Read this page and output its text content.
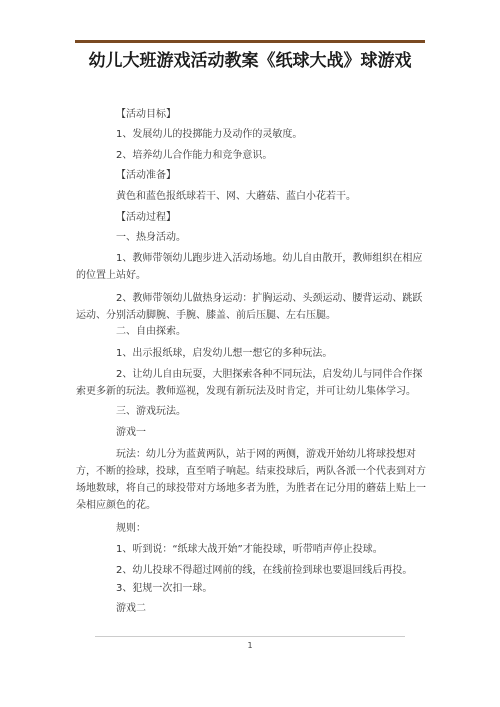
幼儿大班游戏活动教案《纸球大战》球游戏

【活动目标】

1、发展幼儿的投掷能力及动作的灵敏度。

2、培养幼儿合作能力和竞争意识。

【活动准备】

黄色和蓝色报纸球若干、网、大蘑菇、蓝白小花若干。

【活动过程】

一、热身活动。

1、教师带领幼儿跑步进入活动场地。幼儿自由散开，教师组织在相应的位置上站好。

2、教师带领幼儿做热身运动：扩胸运动、头颈运动、腰背运动、跳跃运动、分别活动脚腕、手腕、膝盖、前后压腿、左右压腿。

二、自由探索。

1、出示报纸球，启发幼儿想一想它的多种玩法。

2、让幼儿自由玩耍，大胆探索各种不同玩法，启发幼儿与同伴合作探索更多新的玩法。教师巡视，发现有新玩法及时肯定，并可让幼儿集体学习。

三、游戏玩法。

游戏一

玩法：幼儿分为蓝黄两队，站于网的两侧，游戏开始幼儿将球投想对方，不断的捡球，投球，直至哨子响起。结束投球后，两队各派一个代表到对方场地数球，将自己的球投带对方场地多者为胜，为胜者在记分用的蘑菇上贴上一朵相应颜色的花。

规则：

1、听到说：“纸球大战开始”才能投球，听带哨声停止投球。

2、幼儿投球不得超过网前的线，在线前捡到球也要退回线后再投。

3、犯规一次扣一球。

游戏二

1
